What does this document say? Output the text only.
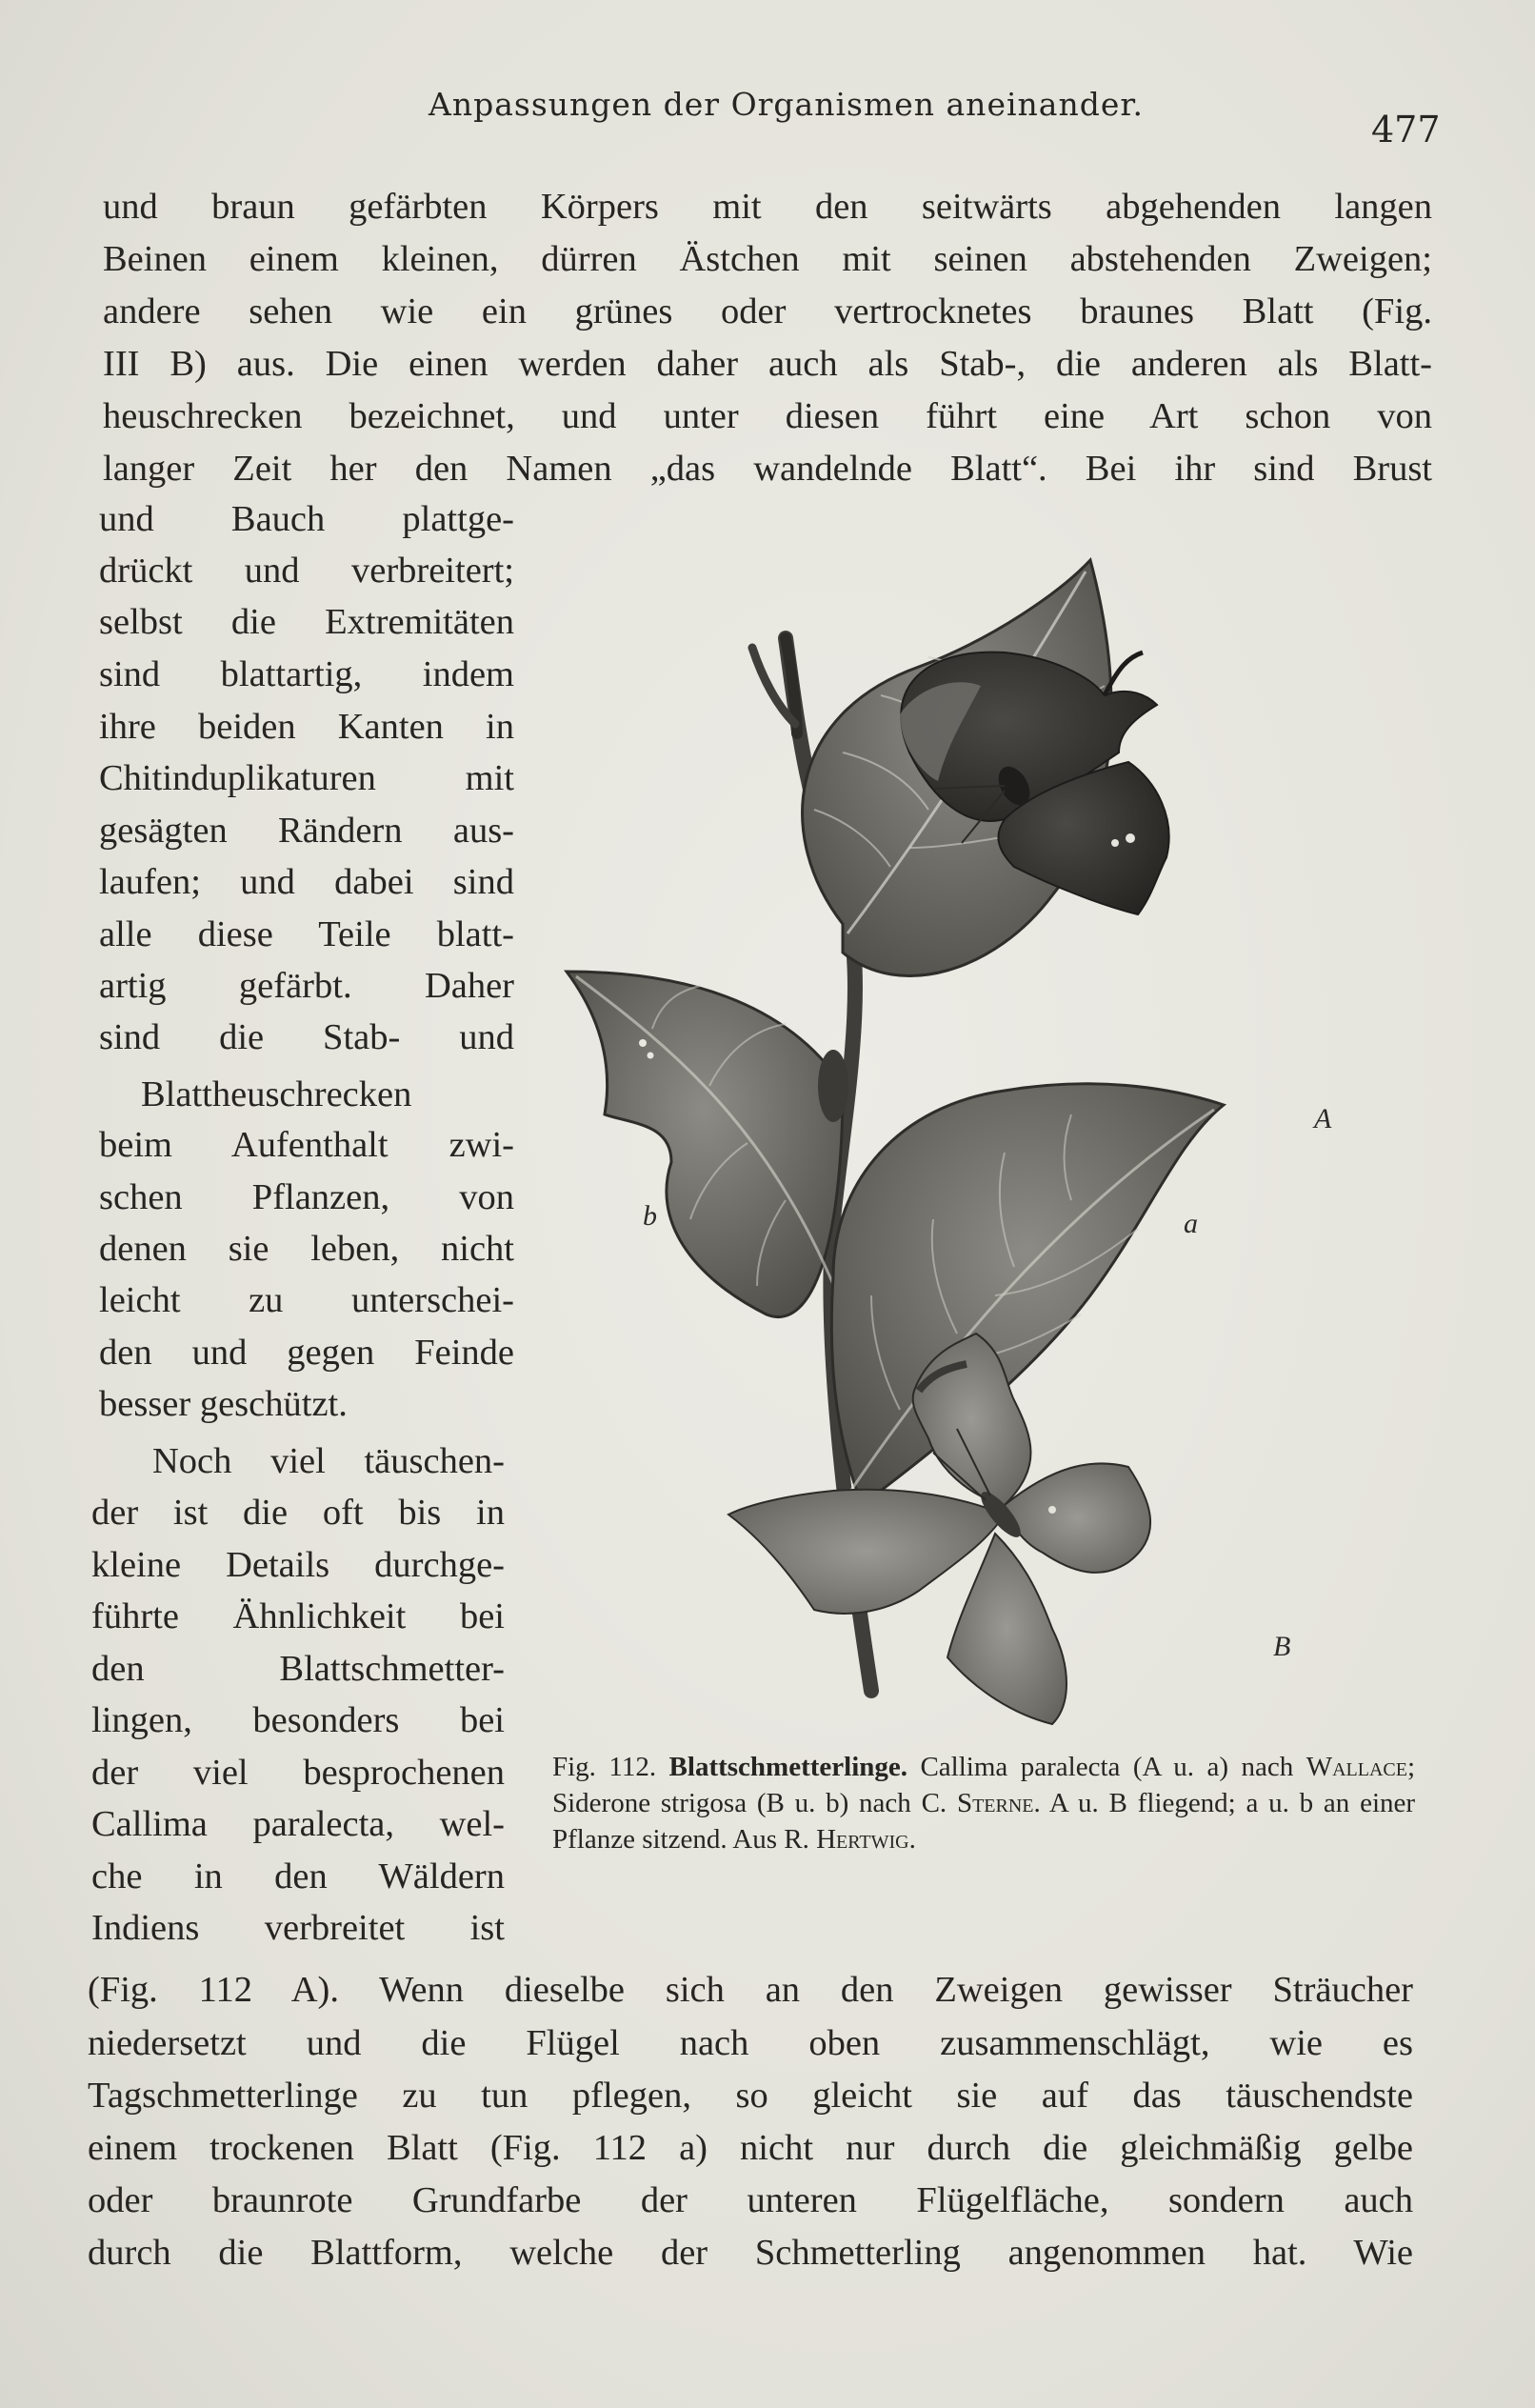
Anpassungen der Organismen aneinander.
477

und braun gefärbten Körpers mit den seitwärts abgehenden langen

Beinen einem kleinen, dürren Ästchen mit seinen abstehenden Zweigen;

andere sehen wie ein grünes oder vertrocknetes braunes Blatt (Fig.

III B) aus. Die einen werden daher auch als Stab-, die anderen als Blatt-

heuschrecken bezeichnet, und unter diesen führt eine Art schon von

langer Zeit her den Namen „das wandelnde Blatt“. Bei ihr sind Brust

und Bauch plattge-

drückt und verbreitert;

selbst die Extremitäten

sind blattartig, indem

ihre beiden Kanten in

Chitinduplikaturen mit

gesägten Rändern aus-

laufen; und dabei sind

alle diese Teile blatt-

artig gefärbt. Daher

sind die Stab- und

Blattheuschrecken

beim Aufenthalt zwi-

schen Pflanzen, von

denen sie leben, nicht

leicht zu unterschei-

den und gegen Feinde

besser geschützt.

Noch viel täuschen-

der ist die oft bis in

kleine Details durchge-

führte Ähnlichkeit bei

den Blattschmetter-

lingen, besonders bei

der viel besprochenen

Callima paralecta, wel-

che in den Wäldern

Indiens verbreitet ist

(Fig. 112 A). Wenn dieselbe sich an den Zweigen gewisser Sträucher

niedersetzt und die Flügel nach oben zusammenschlägt, wie es

Tagschmetterlinge zu tun pflegen, so gleicht sie auf das täuschendste

einem trockenen Blatt (Fig. 112 a) nicht nur durch die gleichmäßig gelbe

oder braunrote Grundfarbe der unteren Flügelfläche, sondern auch

durch die Blattform, welche der Schmetterling angenommen hat. Wie

A
a
b
B
Fig. 112. Blattschmetterlinge. Callima paralecta (A u. a) nach Wallace; Siderone strigosa (B u. b) nach C. Sterne. A u. B fliegend; a u. b an einer Pflanze sitzend. Aus R. Hertwig.
